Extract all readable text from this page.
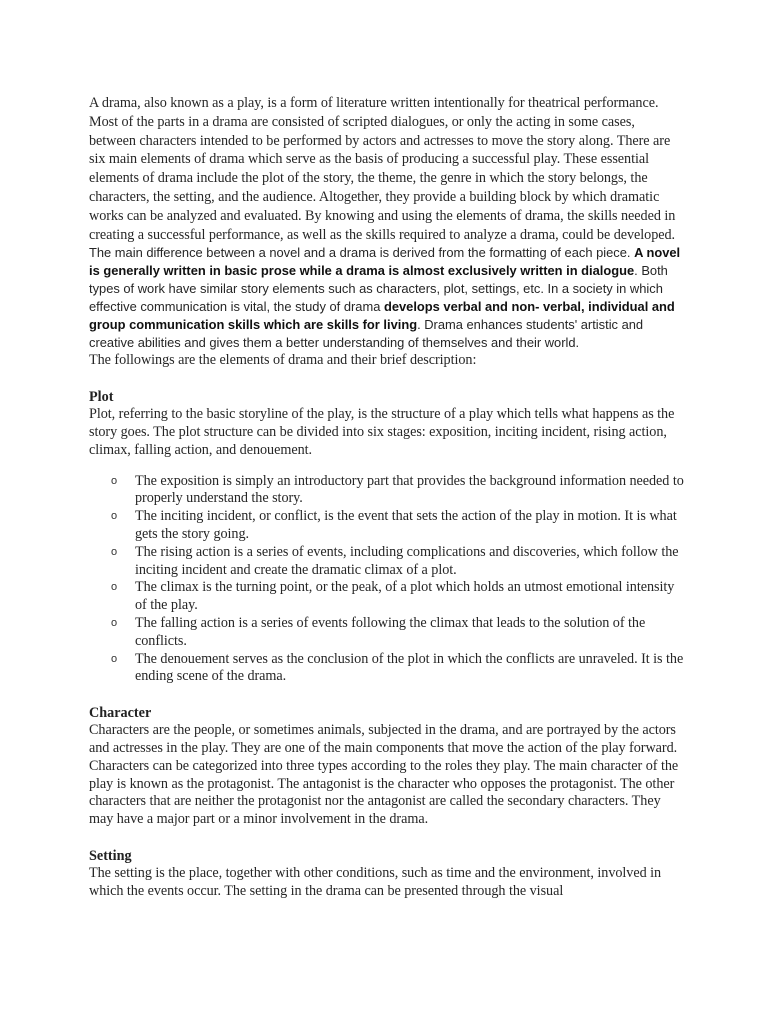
A drama, also known as a play, is a form of literature written intentionally for theatrical performance. Most of the parts in a drama are consisted of scripted dialogues, or only the acting in some cases, between characters intended to be performed by actors and actresses to move the story along. There are six main elements of drama which serve as the basis of producing a successful play. These essential elements of drama include the plot of the story, the theme, the genre in which the story belongs, the characters, the setting, and the audience. Altogether, they provide a building block by which dramatic works can be analyzed and evaluated. By knowing and using the elements of drama, the skills needed in creating a successful performance, as well as the skills required to analyze a drama, could be developed. The main difference between a novel and a drama is derived from the formatting of each piece. A novel is generally written in basic prose while a drama is almost exclusively written in dialogue. Both types of work have similar story elements such as characters, plot, settings, etc. In a society in which effective communication is vital, the study of drama develops verbal and non- verbal, individual and group communication skills which are skills for living. Drama enhances students' artistic and creative abilities and gives them a better understanding of themselves and their world.

The followings are the elements of drama and their brief description:

Plot

Plot, referring to the basic storyline of the play, is the structure of a play which tells what happens as the story goes. The plot structure can be divided into six stages: exposition, inciting incident, rising action, climax, falling action, and denouement.

o The exposition is simply an introductory part that provides the background information needed to properly understand the story.
o The inciting incident, or conflict, is the event that sets the action of the play in motion. It is what gets the story going.
o The rising action is a series of events, including complications and discoveries, which follow the inciting incident and create the dramatic climax of a plot.
o The climax is the turning point, or the peak, of a plot which holds an utmost emotional intensity of the play.
o The falling action is a series of events following the climax that leads to the solution of the conflicts.
o The denouement serves as the conclusion of the plot in which the conflicts are unraveled. It is the ending scene of the drama.

Character

Characters are the people, or sometimes animals, subjected in the drama, and are portrayed by the actors and actresses in the play. They are one of the main components that move the action of the play forward. Characters can be categorized into three types according to the roles they play. The main character of the play is known as the protagonist. The antagonist is the character who opposes the protagonist. The other characters that are neither the protagonist nor the antagonist are called the secondary characters. They may have a major part or a minor involvement in the drama.

Setting

The setting is the place, together with other conditions, such as time and the environment, involved in which the events occur. The setting in the drama can be presented through the visual
